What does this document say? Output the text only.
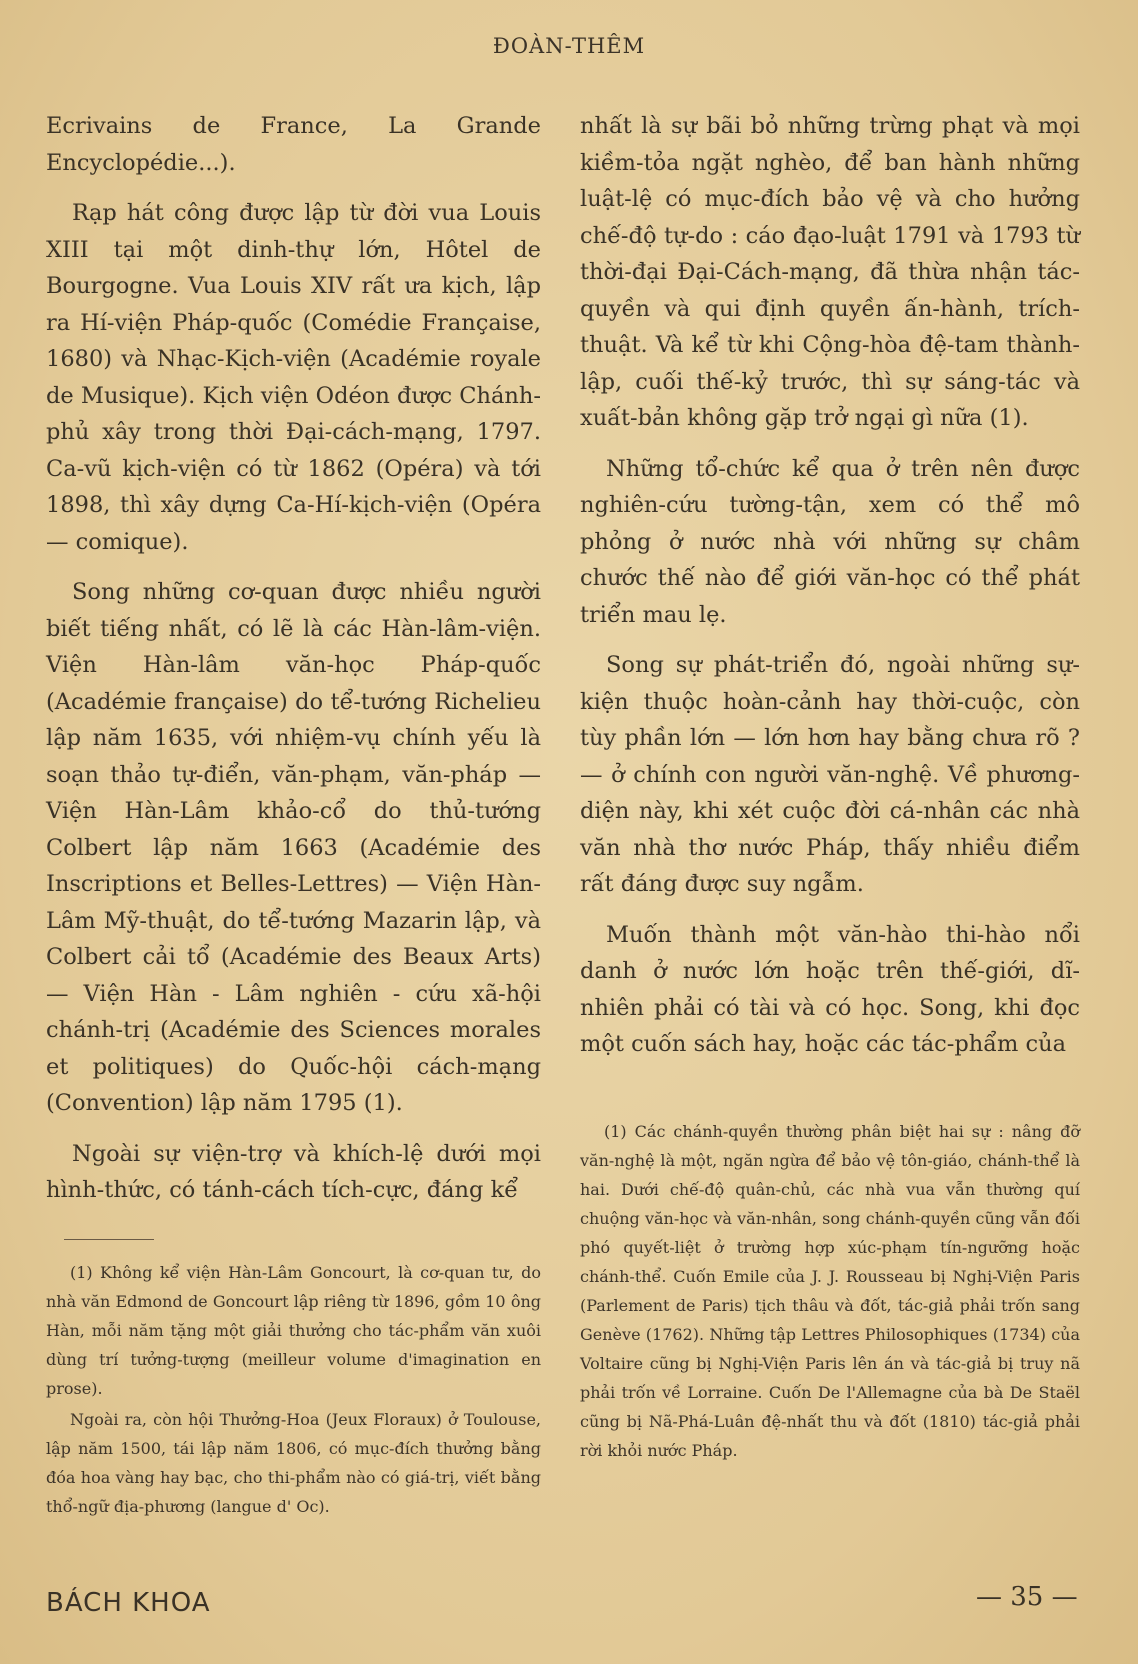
ĐOÀN-THÊM

Ecrivains de France, La Grande Encyclopédie...).

Rạp hát công được lập từ đời vua Louis XIII tại một dinh-thự lớn, Hôtel de Bourgogne. Vua Louis XIV rất ưa kịch, lập ra Hí-viện Pháp-quốc (Comédie Française, 1680) và Nhạc-Kịch-viện (Académie royale de Musique). Kịch viện Odéon được Chánh-phủ xây trong thời Đại-cách-mạng, 1797. Ca-vũ kịch-viện có từ 1862 (Opéra) và tới 1898, thì xây dựng Ca-Hí-kịch-viện (Opéra — comique).

Song những cơ-quan được nhiều người biết tiếng nhất, có lẽ là các Hàn-lâm-viện. Viện Hàn-lâm văn-học Pháp-quốc (Académie française) do tể-tướng Richelieu lập năm 1635, với nhiệm-vụ chính yếu là soạn thảo tự-điển, văn-phạm, văn-pháp — Viện Hàn-Lâm khảo-cổ do thủ-tướng Colbert lập năm 1663 (Académie des Inscriptions et Belles-Lettres) — Viện Hàn-Lâm Mỹ-thuật, do tể-tướng Mazarin lập, và Colbert cải tổ (Académie des Beaux Arts) — Viện Hàn - Lâm nghiên - cứu xã-hội chánh-trị (Académie des Sciences morales et politiques) do Quốc-hội cách-mạng (Convention) lập năm 1795 (1).

Ngoài sự viện-trợ và khích-lệ dưới mọi hình-thức, có tánh-cách tích-cực, đáng kể

(1) Không kể viện Hàn-Lâm Goncourt, là cơ-quan tư, do nhà văn Edmond de Goncourt lập riêng từ 1896, gồm 10 ông Hàn, mỗi năm tặng một giải thưởng cho tác-phẩm văn xuôi dùng trí tưởng-tượng (meilleur volume d'imagination en prose).

Ngoài ra, còn hội Thưởng-Hoa (Jeux Floraux) ở Toulouse, lập năm 1500, tái lập năm 1806, có mục-đích thưởng bằng đóa hoa vàng hay bạc, cho thi-phẩm nào có giá-trị, viết bằng thổ-ngữ địa-phương (langue d' Oc).

nhất là sự bãi bỏ những trừng phạt và mọi kiềm-tỏa ngặt nghèo, để ban hành những luật-lệ có mục-đích bảo vệ và cho hưởng chế-độ tự-do : cáo đạo-luật 1791 và 1793 từ thời-đại Đại-Cách-mạng, đã thừa nhận tác-quyền và qui định quyền ấn-hành, trích-thuật. Và kể từ khi Cộng-hòa đệ-tam thành-lập, cuối thế-kỷ trước, thì sự sáng-tác và xuất-bản không gặp trở ngại gì nữa (1).

Những tổ-chức kể qua ở trên nên được nghiên-cứu tường-tận, xem có thể mô phỏng ở nước nhà với những sự châm chước thế nào để giới văn-học có thể phát triển mau lẹ.

Song sự phát-triển đó, ngoài những sự-kiện thuộc hoàn-cảnh hay thời-cuộc, còn tùy phần lớn — lớn hơn hay bằng chưa rõ ? — ở chính con người văn-nghệ. Về phương-diện này, khi xét cuộc đời cá-nhân các nhà văn nhà thơ nước Pháp, thấy nhiều điểm rất đáng được suy ngẫm.

Muốn thành một văn-hào thi-hào nổi danh ở nước lớn hoặc trên thế-giới, dĩ-nhiên phải có tài và có học. Song, khi đọc một cuốn sách hay, hoặc các tác-phẩm của

(1) Các chánh-quyền thường phân biệt hai sự : nâng đỡ văn-nghệ là một, ngăn ngừa để bảo vệ tôn-giáo, chánh-thể là hai. Dưới chế-độ quân-chủ, các nhà vua vẫn thường quí chuộng văn-học và văn-nhân, song chánh-quyền cũng vẫn đối phó quyết-liệt ở trường hợp xúc-phạm tín-ngưỡng hoặc chánh-thể. Cuốn Emile của J. J. Rousseau bị Nghị-Viện Paris (Parlement de Paris) tịch thâu và đốt, tác-giả phải trốn sang Genève (1762). Những tập Lettres Philosophiques (1734) của Voltaire cũng bị Nghị-Viện Paris lên án và tác-giả bị truy nã phải trốn về Lorraine. Cuốn De l'Allemagne của bà De Staël cũng bị Nã-Phá-Luân đệ-nhất thu và đốt (1810) tác-giả phải rời khỏi nước Pháp.

BÁCH KHOA	— 35 —
